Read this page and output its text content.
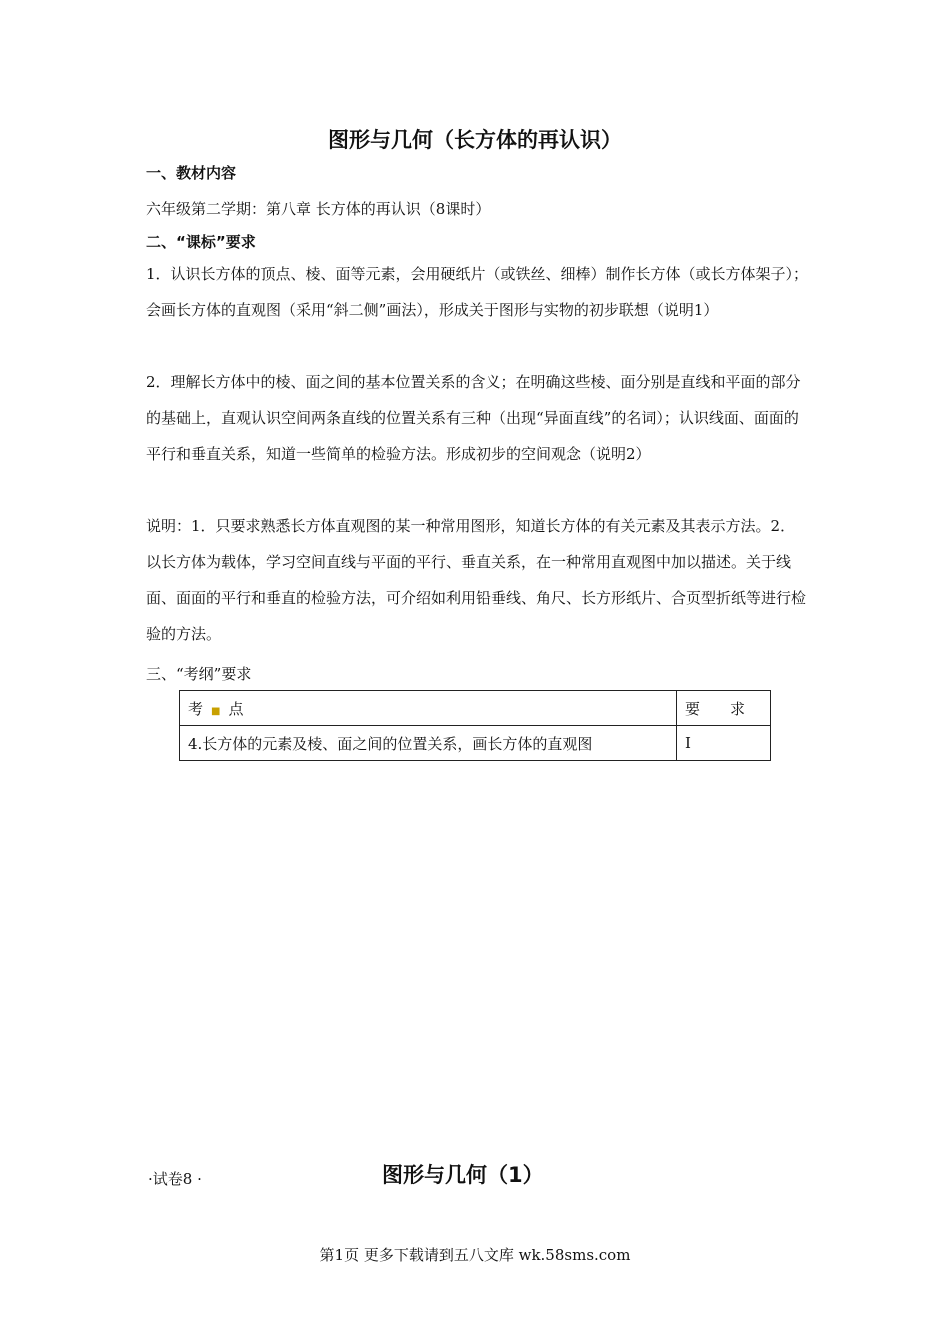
图形与几何（长方体的再认识）
一、教材内容
六年级第二学期：第八章 长方体的再认识（8课时）
二、“课标”要求
1．认识长方体的顶点、棱、面等元素，会用硬纸片（或铁丝、细棒）制作长方体（或长方体架子）；会画长方体的直观图（采用“斜二侧”画法），形成关于图形与实物的初步联想（说明1）
2．理解长方体中的棱、面之间的基本位置关系的含义；在明确这些棱、面分别是直线和平面的部分的基础上，直观认识空间两条直线的位置关系有三种（出现“异面直线”的名词）；认识线面、面面的平行和垂直关系，知道一些简单的检验方法。形成初步的空间观念（说明2）
说明：1．只要求熟悉长方体直观图的某一种常用图形，知道长方体的有关元素及其表示方法。2．以长方体为载体，学习空间直线与平面的平行、垂直关系，在一种常用直观图中加以描述。关于线面、面面的平行和垂直的检验方法，可介绍如利用铅垂线、角尺、长方形纸片、合页型折纸等进行检验的方法。
三、“考纲”要求
考 ■ 点	要　　求
4.长方体的元素及棱、面之间的位置关系，画长方体的直观图	I
·试卷8 ·	图形与几何（1）
第1页 更多下载请到五八文库 wk.58sms.com
